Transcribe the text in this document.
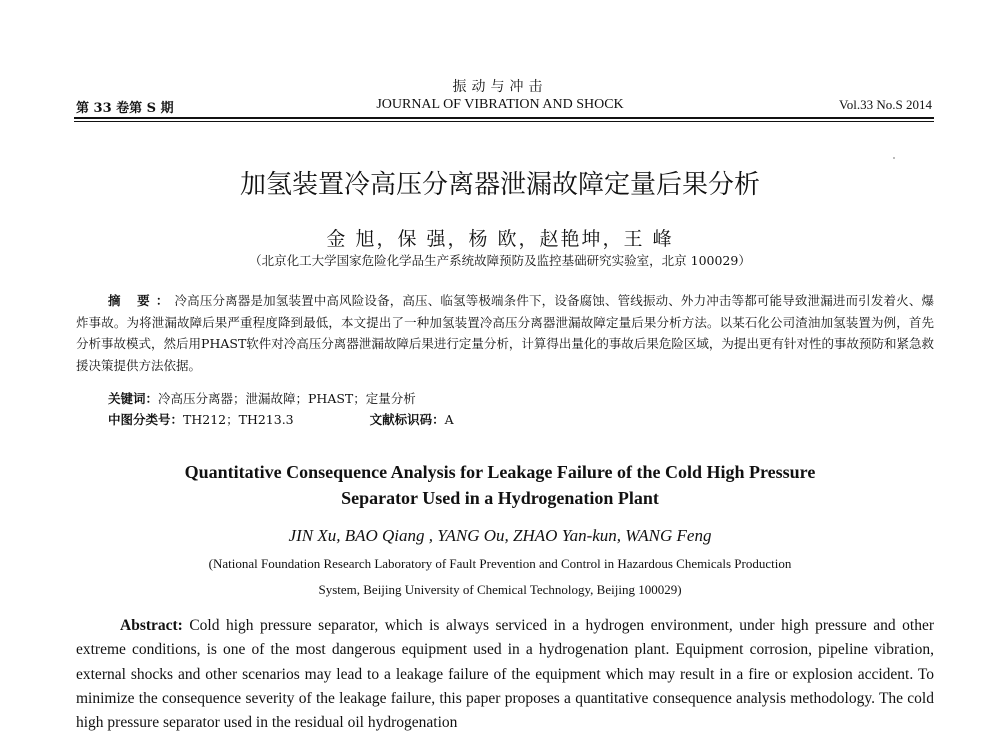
振动与冲击
第 33 卷第 S 期	JOURNAL OF VIBRATION AND SHOCK	Vol.33 No.S 2014
加氢装置冷高压分离器泄漏故障定量后果分析
金 旭，保 强，杨 欧，赵艳坤，王 峰
（北京化工大学国家危险化学品生产系统故障预防及监控基础研究实验室，北京 100029）
摘 要：冷高压分离器是加氢装置中高风险设备，高压、临氢等极端条件下，设备腐蚀、管线振动、外力冲击等都可能导致泄漏进而引发着火、爆炸事故。为将泄漏故障后果严重程度降到最低，本文提出了一种加氢装置冷高压分离器泄漏故障定量后果分析方法。以某石化公司渣油加氢装置为例，首先分析事故模式，然后用PHAST软件对冷高压分离器泄漏故障后果进行定量分析，计算得出量化的事故后果危险区域，为提出更有针对性的事故预防和紧急救援决策提供方法依据。
关键词：冷高压分离器；泄漏故障；PHAST；定量分析
中图分类号：TH212；TH213.3	文献标识码：A
Quantitative Consequence Analysis for Leakage Failure of the Cold High Pressure
Separator Used in a Hydrogenation Plant
JIN Xu, BAO Qiang , YANG Ou, ZHAO Yan-kun, WANG Feng
(National Foundation Research Laboratory of Fault Prevention and Control in Hazardous Chemicals Production
System, Beijing University of Chemical Technology, Beijing 100029)
Abstract: Cold high pressure separator, which is always serviced in a hydrogen environment, under high pressure and other extreme conditions, is one of the most dangerous equipment used in a hydrogenation plant. Equipment corrosion, pipeline vibration, external shocks and other scenarios may lead to a leakage failure of the equipment which may result in a fire or explosion accident. To minimize the consequence severity of the leakage failure, this paper proposes a quantitative consequence analysis methodology. The cold high pressure separator used in the residual oil hydrogenation
